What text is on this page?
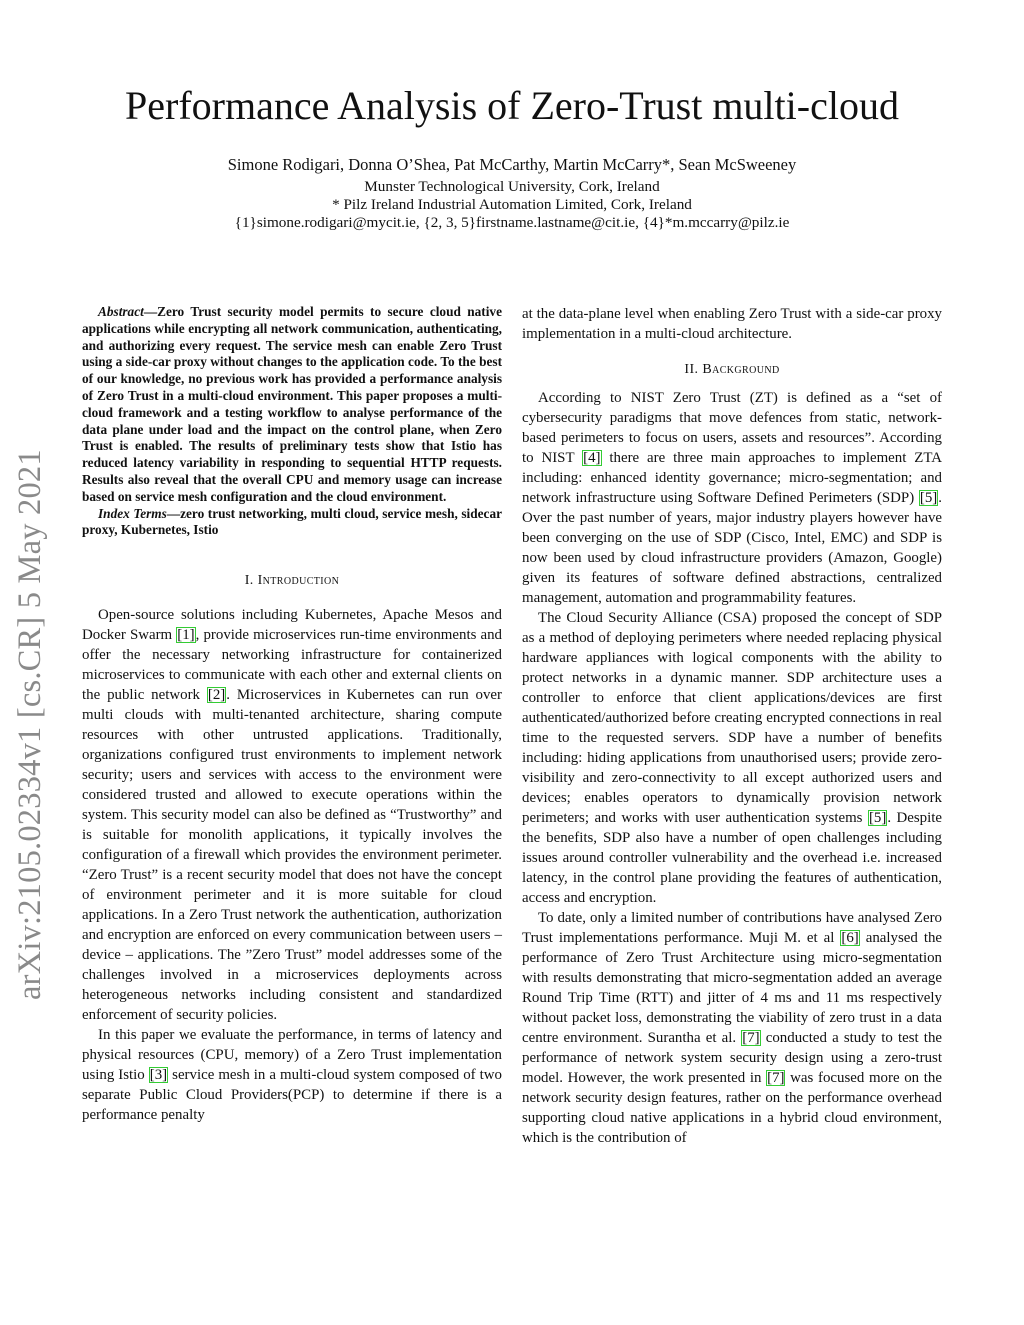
arXiv:2105.02334v1 [cs.CR] 5 May 2021
Performance Analysis of Zero-Trust multi-cloud
Simone Rodigari, Donna O’Shea, Pat McCarthy, Martin McCarry*, Sean McSweeney
Munster Technological University, Cork, Ireland
* Pilz Ireland Industrial Automation Limited, Cork, Ireland
{1}simone.rodigari@mycit.ie, {2, 3, 5}firstname.lastname@cit.ie, {4}*m.mccarry@pilz.ie

Abstract—Zero Trust security model permits to secure cloud native applications while encrypting all network communication, authenticating, and authorizing every request. The service mesh can enable Zero Trust using a side-car proxy without changes to the application code. To the best of our knowledge, no previous work has provided a performance analysis of Zero Trust in a multi-cloud environment. This paper proposes a multi-cloud framework and a testing workflow to analyse performance of the data plane under load and the impact on the control plane, when Zero Trust is enabled. The results of preliminary tests show that Istio has reduced latency variability in responding to sequential HTTP requests. Results also reveal that the overall CPU and memory usage can increase based on service mesh configuration and the cloud environment.

Index Terms—zero trust networking, multi cloud, service mesh, sidecar proxy, Kubernetes, Istio

I. Introduction

Open-source solutions including Kubernetes, Apache Mesos and Docker Swarm [1], provide microservices run-time environments and offer the necessary networking infrastructure for containerized microservices to communicate with each other and external clients on the public network [2]. Microservices in Kubernetes can run over multi clouds with multi-tenanted architecture, sharing compute resources with other untrusted applications. Traditionally, organizations configured trust environments to implement network security; users and services with access to the environment were considered trusted and allowed to execute operations within the system. This security model can also be defined as “Trustworthy” and is suitable for monolith applications, it typically involves the configuration of a firewall which provides the environment perimeter. “Zero Trust” is a recent security model that does not have the concept of environment perimeter and it is more suitable for cloud applications. In a Zero Trust network the authentication, authorization and encryption are enforced on every communication between users – device – applications. The ”Zero Trust” model addresses some of the challenges involved in a microservices deployments across heterogeneous networks including consistent and standardized enforcement of security policies.

In this paper we evaluate the performance, in terms of latency and physical resources (CPU, memory) of a Zero Trust implementation using Istio [3] service mesh in a multi-cloud system composed of two separate Public Cloud Providers(PCP) to determine if there is a performance penalty

at the data-plane level when enabling Zero Trust with a side-car proxy implementation in a multi-cloud architecture.

II. Background

According to NIST Zero Trust (ZT) is defined as a “set of cybersecurity paradigms that move defences from static, network-based perimeters to focus on users, assets and resources”. According to NIST [4] there are three main approaches to implement ZTA including: enhanced identity governance; micro-segmentation; and network infrastructure using Software Defined Perimeters (SDP) [5]. Over the past number of years, major industry players however have been converging on the use of SDP (Cisco, Intel, EMC) and SDP is now been used by cloud infrastructure providers (Amazon, Google) given its features of software defined abstractions, centralized management, automation and programmability features.

The Cloud Security Alliance (CSA) proposed the concept of SDP as a method of deploying perimeters where needed replacing physical hardware appliances with logical components with the ability to protect networks in a dynamic manner. SDP architecture uses a controller to enforce that client applications/devices are first authenticated/authorized before creating encrypted connections in real time to the requested servers. SDP have a number of benefits including: hiding applications from unauthorised users; provide zero-visibility and zero-connectivity to all except authorized users and devices; enables operators to dynamically provision network perimeters; and works with user authentication systems [5]. Despite the benefits, SDP also have a number of open challenges including issues around controller vulnerability and the overhead i.e. increased latency, in the control plane providing the features of authentication, access and encryption.

To date, only a limited number of contributions have analysed Zero Trust implementations performance. Muji M. et al [6] analysed the performance of Zero Trust Architecture using micro-segmentation with results demonstrating that micro-segmentation added an average Round Trip Time (RTT) and jitter of 4 ms and 11 ms respectively without packet loss, demonstrating the viability of zero trust in a data centre environment. Surantha et al. [7] conducted a study to test the performance of network system security design using a zero-trust model. However, the work presented in [7] was focused more on the network security design features, rather on the performance overhead supporting cloud native applications in a hybrid cloud environment, which is the contribution of
